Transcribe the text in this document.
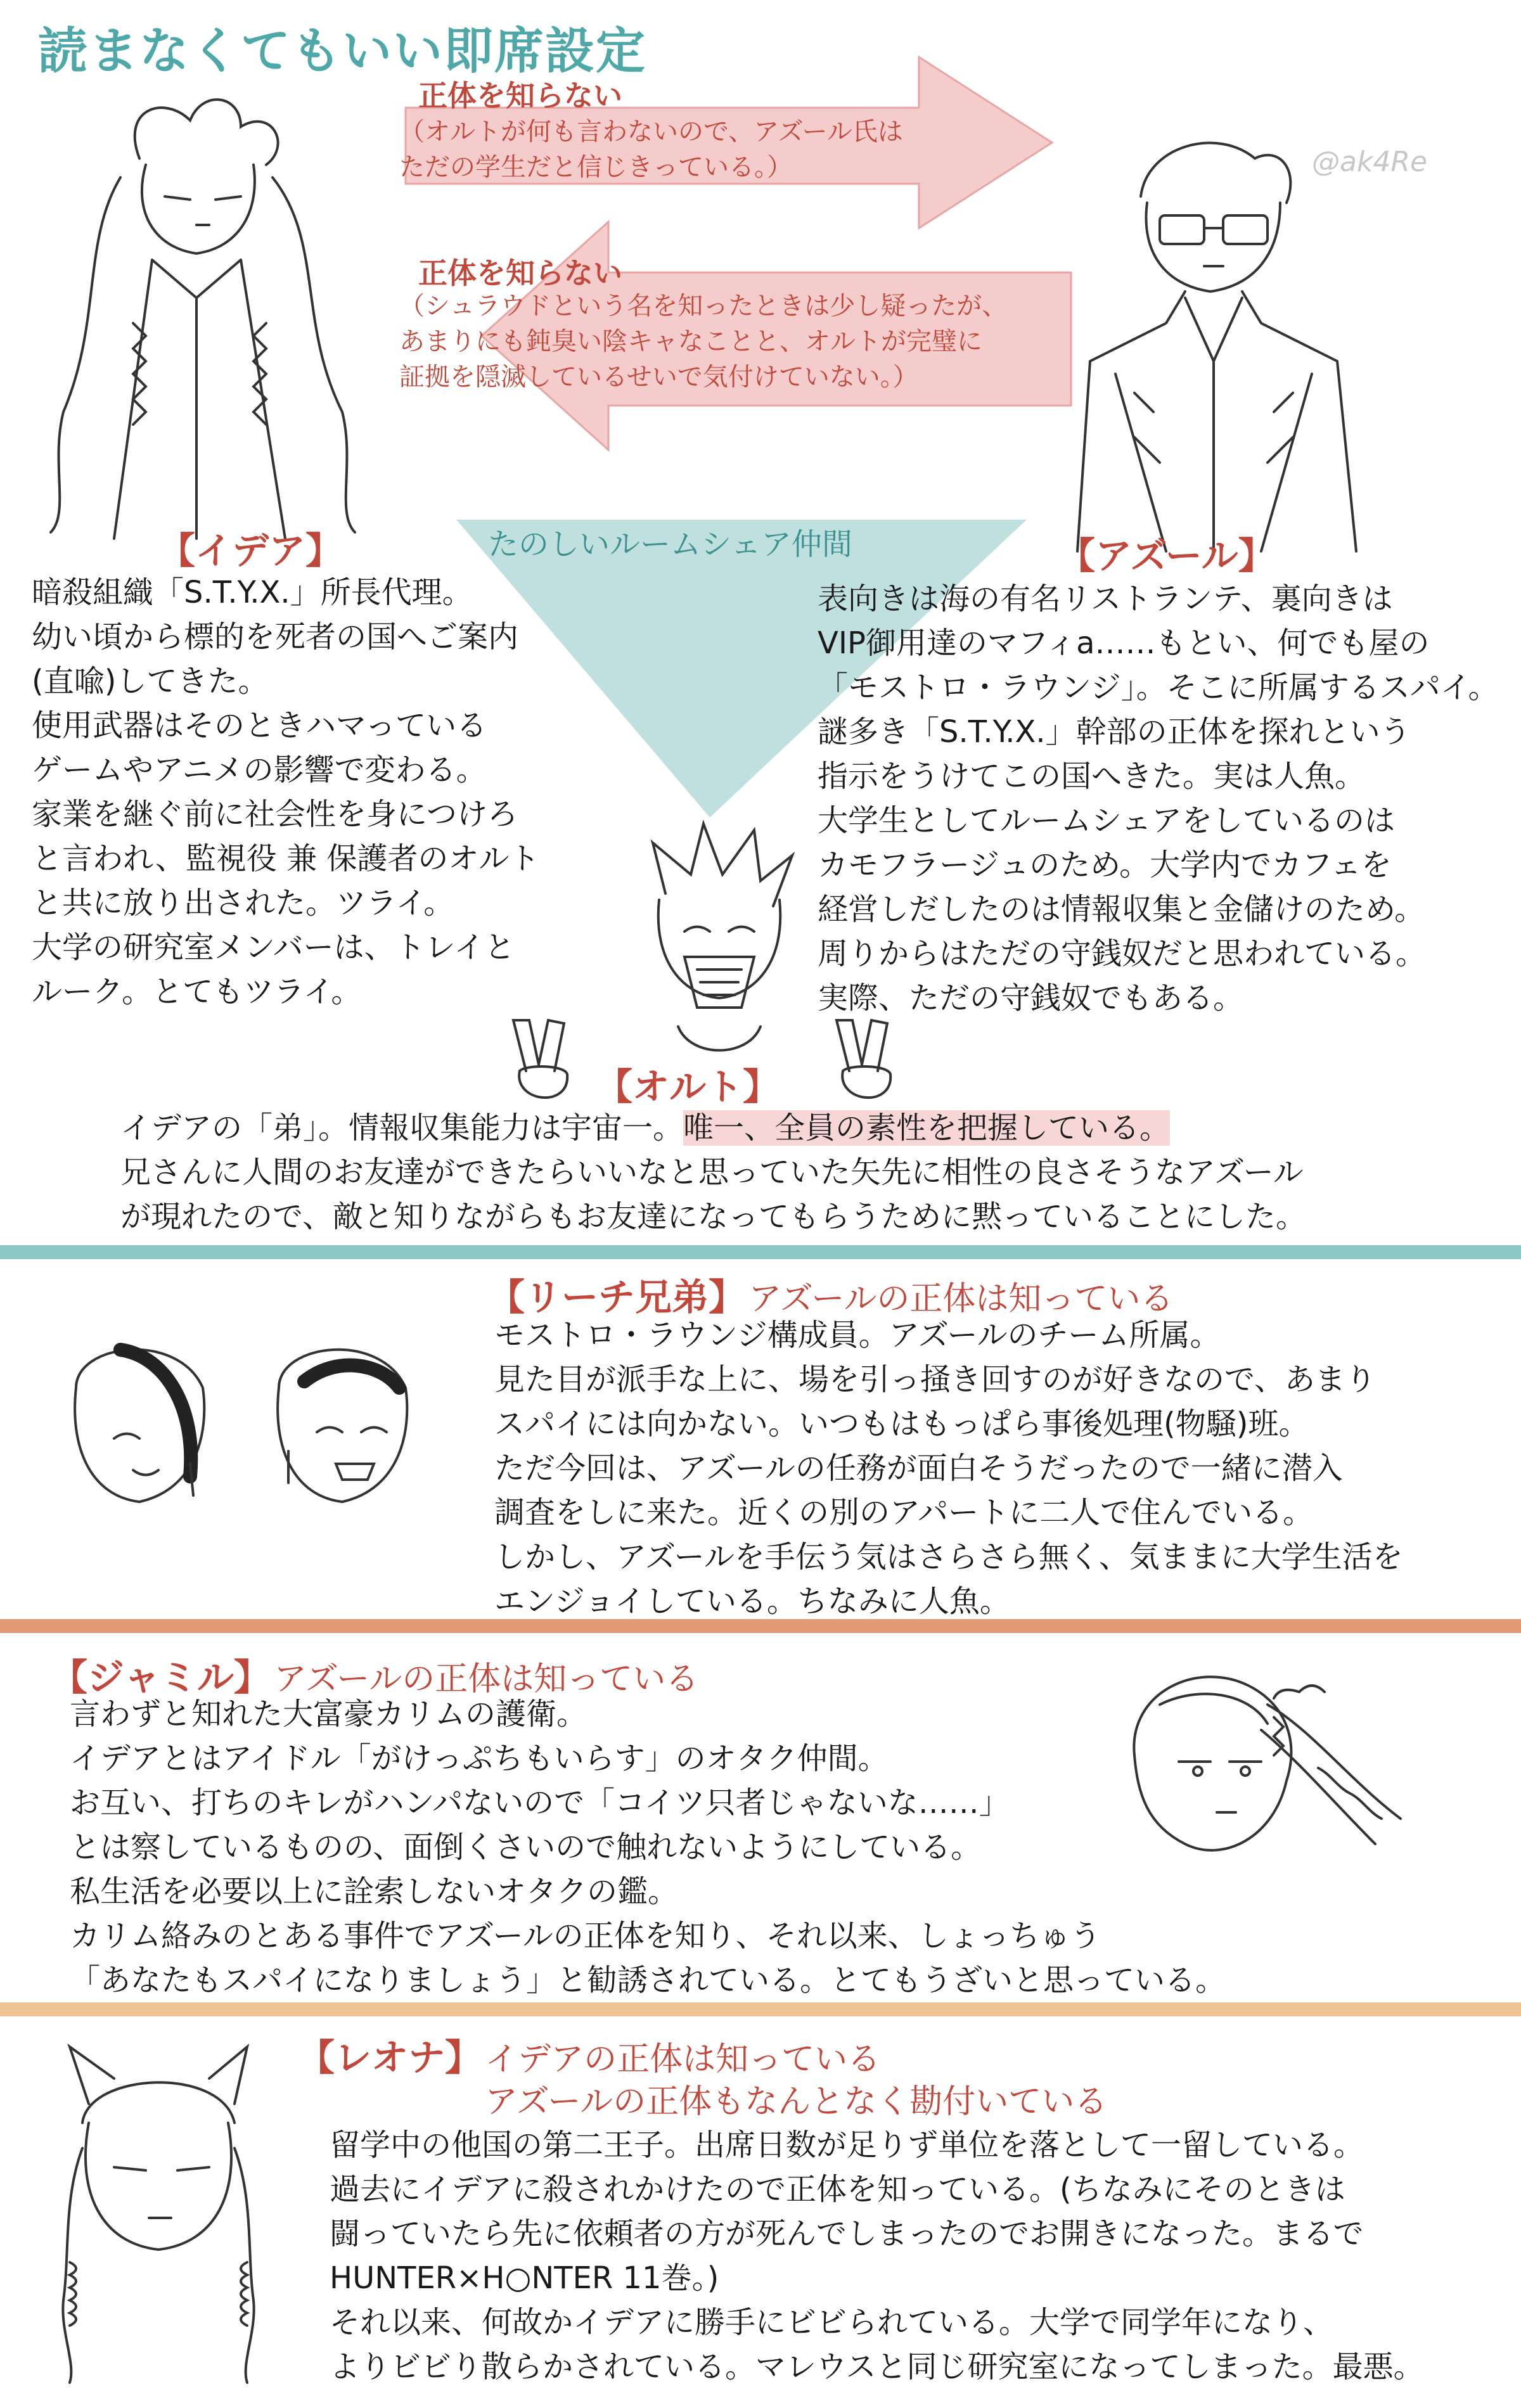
読まなくてもいい即席設定
正体を知らない
（オルトが何も言わないので、アズール氏は
ただの学生だと信じきっている。）
正体を知らない
（シュラウドという名を知ったときは少し疑ったが、
あまりにも鈍臭い陰キャなことと、オルトが完璧に
証拠を隠滅しているせいで気付けていない。）
たのしいルームシェア仲間
@ak4Re
【イデア】
暗殺組織「S.T.Y.X.」所長代理。
幼い頃から標的を死者の国へご案内
(直喩)してきた。
使用武器はそのときハマっている
ゲームやアニメの影響で変わる。
家業を継ぐ前に社会性を身につけろ
と言われ、監視役 兼 保護者のオルト
と共に放り出された。ツライ。
大学の研究室メンバーは、トレイと
ルーク。とてもツライ。
【アズール】
表向きは海の有名リストランテ、裏向きは
VIP御用達のマフィa……もとい、何でも屋の
「モストロ・ラウンジ」。そこに所属するスパイ。
謎多き「S.T.Y.X.」幹部の正体を探れという
指示をうけてこの国へきた。実は人魚。
大学生としてルームシェアをしているのは
カモフラージュのため。大学内でカフェを
経営しだしたのは情報収集と金儲けのため。
周りからはただの守銭奴だと思われている。
実際、ただの守銭奴でもある。
【オルト】
イデアの「弟」。情報収集能力は宇宙一。唯一、全員の素性を把握している。
兄さんに人間のお友達ができたらいいなと思っていた矢先に相性の良さそうなアズール
が現れたので、敵と知りながらもお友達になってもらうために黙っていることにした。
【リーチ兄弟】 アズールの正体は知っている
モストロ・ラウンジ構成員。アズールのチーム所属。
見た目が派手な上に、場を引っ掻き回すのが好きなので、あまり
スパイには向かない。いつもはもっぱら事後処理(物騒)班。
ただ今回は、アズールの任務が面白そうだったので一緒に潜入
調査をしに来た。近くの別のアパートに二人で住んでいる。
しかし、アズールを手伝う気はさらさら無く、気ままに大学生活を
エンジョイしている。ちなみに人魚。
【ジャミル】 アズールの正体は知っている
言わずと知れた大富豪カリムの護衛。
イデアとはアイドル「がけっぷちもいらす」のオタク仲間。
お互い、打ちのキレがハンパないので「コイツ只者じゃないな……」
とは察しているものの、面倒くさいので触れないようにしている。
私生活を必要以上に詮索しないオタクの鑑。
カリム絡みのとある事件でアズールの正体を知り、それ以来、しょっちゅう
「あなたもスパイになりましょう」と勧誘されている。とてもうざいと思っている。
【レオナ】 イデアの正体は知っている
アズールの正体もなんとなく勘付いている
留学中の他国の第二王子。出席日数が足りず単位を落として一留している。
過去にイデアに殺されかけたので正体を知っている。(ちなみにそのときは
闘っていたら先に依頼者の方が死んでしまったのでお開きになった。まるで
HUNTER×H○NTER 11巻。)
それ以来、何故かイデアに勝手にビビられている。大学で同学年になり、
よりビビり散らかされている。マレウスと同じ研究室になってしまった。最悪。
